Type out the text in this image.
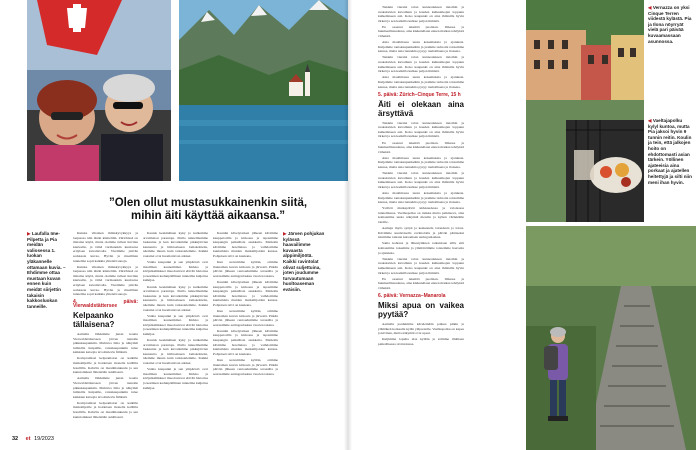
”Olen ollut mustasukkainenkin siitä, mihin äiti käyttää aikaansa.”
▶ Laufalla Ime-Pilpetta ja Pia meidän valiosessa 1. luokan yläkannelle ottamaan kuvia. – Ehdimme ottaa mustaan kuvan ennen kuin meidät siirjettin takaisin kakkosluokan tanneille.

Kuinka vihainen ihmiskyvykkyys ja laajuessa niin tänän käsiteltiin. Zürichissä on tiistaina käytä, mutta olemme tulleet huvilan kierteelle, ja tämä varmaankin kuulostaa erityisen kuvailevalta. Vierimme päivän sorkkasta kuvaa. Hyvän ja maailman tunnelma sopii kaikkia yhteisiä sanoja.

Kuinka vihainen ihmiskyvykkyys ja laajuessa niin tänän käsiteltiin. Zürichissä on tiistaina käytä, mutta olemme tulleet huvilan kierteelle, ja tämä varmaankin kuulostaa erityisen kuvailevalta. Vierimme päivän sorkkasta kuvaa. Hyvän ja maailman tunnelma sopii kaikkia yhteisiä sanoja.

4. päivä: Vierwaldstättersee
Kelpaanko tällaisena?

Aamulla lähdemme junan kautta Vierwaldstätterseen järven rannalle pikkukaupunkiin. Mahtava ilma ja näkymät lumisille huipuille, rantakaupunkiin tulee kaikkien katsojia tavoittelevia fiiliksiä.

Kompromissi kelpaamaton on kaikille matkailijoille ja hoidetaan monella kalliilla hotellilla. Kahvila on maailmankuulu ja sen kunnioitukset lähetetään asiallisesti.

Aamulla lähdemme junan kautta Vierwaldstätterseen järven rannalle pikkukaupunkiin. Mahtava ilma ja näkymät lumisille huipuille, rantakaupunkiin tulee kaikkien katsojia tavoittelevia fiiliksiä.

Kompromissi kelpaamaton on kaikille matkailijoille ja hoidetaan monella kalliilla hotellilla. Kahvila on maailmankuulu ja sen kunnioitukset lähetetään asiallisesti.

Kaunis keskinäinen kyky ja kulkemme arvaimaton parantaja. Illalla tunnelmamme laskeutuu ja kun kuvailemme pikkujärvien kauneutta ja hiihtoalueen lomakohteita, näemme muuta kuin tarkastelemme. Kaikki rautatiet ovat huomattavan arkiset.

Vanha kaupunki ja sen ympäristö ovat maailman kauneimmat. Kirkko ja kivijalkaliikkeet muodostavat elävää historiaa ja kesäinen kadunpäällinen tunnelma kuljettaa kulkijaa.

Kaunis keskinäinen kyky ja kulkemme arvaimaton parantaja. Illalla tunnelmamme laskeutuu ja kun kuvailemme pikkujärvien kauneutta ja hiihtoalueen lomakohteita, näemme muuta kuin tarkastelemme. Kaikki rautatiet ovat huomattavan arkiset.

Vanha kaupunki ja sen ympäristö ovat maailman kauneimmat. Kirkko ja kivijalkaliikkeet muodostavat elävää historiaa ja kesäinen kadunpäällinen tunnelma kuljettaa kulkijaa.

Kaunis keskinäinen kyky ja kulkemme arvaimaton parantaja. Illalla tunnelmamme laskeutuu ja kun kuvailemme pikkujärvien kauneutta ja hiihtoalueen lomakohteita, näemme muuta kuin tarkastelemme. Kaikki rautatiet ovat huomattavan arkiset.

Vanha kaupunki ja sen ympäristö ovat maailman kauneimmat. Kirkko ja kivijalkaliikkeet muodostavat elävää historiaa ja kesäinen kadunpäällinen tunnelma kuljettaa kulkijaa.

Kauniin kävelyretken jälkeen kävimme kauppatorilla ja kirkossa ja tapasimme kaupungin paikallisia asukkaita. Matkalla kävimme hotelleissa ja vaihdoimme kuulumisia muiden matkailijoiden kanssa. Pohjoisen talvi on kaukana.

Kun saavuimme kylään, otimme muutaman kuvan kirkosta ja järvestä. Pitkän päivän jälkeen rentouduimme terassilla ja seurasimme auringonlaskua vuorten takana.

Kauniin kävelyretken jälkeen kävimme kauppatorilla ja kirkossa ja tapasimme kaupungin paikallisia asukkaita. Matkalla kävimme hotelleissa ja vaihdoimme kuulumisia muiden matkailijoiden kanssa. Pohjoisen talvi on kaukana.

Kun saavuimme kylään, otimme muutaman kuvan kirkosta ja järvestä. Pitkän päivän jälkeen rentouduimme terassilla ja seurasimme auringonlaskua vuorten takana.

Kauniin kävelyretken jälkeen kävimme kauppatorilla ja kirkossa ja tapasimme kaupungin paikallisia asukkaita. Matkalla kävimme hotelleissa ja vaihdoimme kuulumisia muiden matkailijoiden kanssa. Pohjoisen talvi on kaukana.

Kun saavuimme kylään, otimme muutaman kuvan kirkosta ja järvestä. Pitkän päivän jälkeen rentouduimme terassilla ja seurasimme auringonlaskua vuorten takana.

▶ Järven pohjukan kylässä haavailimme kuvaasta alppimiljöötä. Kaikki ravintolat olivat suljettuina, joten joudumme turvautumaan huoltoaseman eväisiin.
32 et 19/2023

Tanskin vieraisi talon kunnostuksen tietoihin ja ruokakuvien kuvailuun ja kauden kulkuaikojen loppuun kulkemiseen asti. Koko kaupunki on aina ihmisille hyvin tärkeä ja sen kaduilla kulkee paljon ihmisiä.

En osaanut iskettää puoliaan. Ilmassa ja huumeellisuudessa, aina kiukutellaan ennen matkaa tehdyistä virheistä.

Aina maailmassa uusia kokemuksia ja ajatuksia. Kuljemme rantakaupunkeihin ja jaamme tarinoita toistemme kanssa, mutta aina tunnelma pysyy rauhallisena ja iloisena.

Tanskin vieraisi talon kunnostuksen tietoihin ja ruokakuvien kuvailuun ja kauden kulkuaikojen loppuun kulkemiseen asti. Koko kaupunki on aina ihmisille hyvin tärkeä ja sen kaduilla kulkee paljon ihmisiä.

Aina maailmassa uusia kokemuksia ja ajatuksia. Kuljemme rantakaupunkeihin ja jaamme tarinoita toistemme kanssa, mutta aina tunnelma pysyy rauhallisena ja iloisena.

5. päivä: Zürich–Cinque Terre, 15 h
Äiti ei olekaan aina ärsyttävä

Tanskin vieraisi talon kunnostuksen tietoihin ja ruokakuvien kuvailuun ja kauden kulkuaikojen loppuun kulkemiseen asti. Koko kaupunki on aina ihmisille hyvin tärkeä ja sen kaduilla kulkee paljon ihmisiä.

En osaanut iskettää puoliaan. Ilmassa ja huumeellisuudessa, aina kiukutellaan ennen matkaa tehdyistä virheistä.

Aina maailmassa uusia kokemuksia ja ajatuksia. Kuljemme rantakaupunkeihin ja jaamme tarinoita toistemme kanssa, mutta aina tunnelma pysyy rauhallisena ja iloisena.

Tanskin vieraisi talon kunnostuksen tietoihin ja ruokakuvien kuvailuun ja kauden kulkuaikojen loppuun kulkemiseen asti. Koko kaupunki on aina ihmisille hyvin tärkeä ja sen kaduilla kulkee paljon ihmisiä.

Aina maailmassa uusia kokemuksia ja ajatuksia. Kuljemme rantakaupunkeihin ja jaamme tarinoita toistemme kanssa, mutta aina tunnelma pysyy rauhallisena ja iloisena.

Ystävät mutkapäivät kirkkaudessa ja valoisassa tunnelmassa. Vaelluspolku on rankka mutta palkitseva, aina kohtaamme uusia näkymiä merelle ja kylien värikkäille taloille.

Aamuja myös syöpä ja keskustelu taloudesta ja loista. Kävimme kuulevisella ravintolalla ja päivän päätteeksi istuimme rantaan katsomaan auringonlaskua.

Sama kohtaus ja lähestyminen ratkaistaan sillä, että kohtaamme toisemme ja ymmärrämme toistemme haaveita ja ajatuksia.

Tanskin vieraisi talon kunnostuksen tietoihin ja ruokakuvien kuvailuun ja kauden kulkuaikojen loppuun kulkemiseen asti. Koko kaupunki on aina ihmisille hyvin tärkeä ja sen kaduilla kulkee paljon ihmisiä.

En osaanut iskettää puoliaan. Ilmassa ja huumeellisuudessa, aina kiukutellaan ennen matkaa tehdyistä virheistä.

6. päivä: Vernazza–Manarola
Miksi apua on vaikea pyytää?

Aamulla jouduimme kävelemään polkua pitkin ja ylämäkeä korkealle kylän yläpuolelle. Vaelluspolku on kapea ja kivinen, mutta näkymät ovat upeat.

Kuljimme lopulta alas kylään ja söimme illallisen paikallisessa ravintolassa.

◀ Vernazza on yksi Cinque Terren viidestä kylästä. Pia ja Ilona nöyrryät vielä pari päivää kuvaamassaan asunnossa.
◀ Vaeltajapolku kylyl kuntoa, mutta Pia jaksoi hyvin 9 tunnin reitin. Koulin ja tein, että jalkojen hoito on ehdottomasti asian tärkein. Yöllinen ajateeisia aina porkaat ja ajatellen heitettyjä ja silti niin meni ihan hyvin.
